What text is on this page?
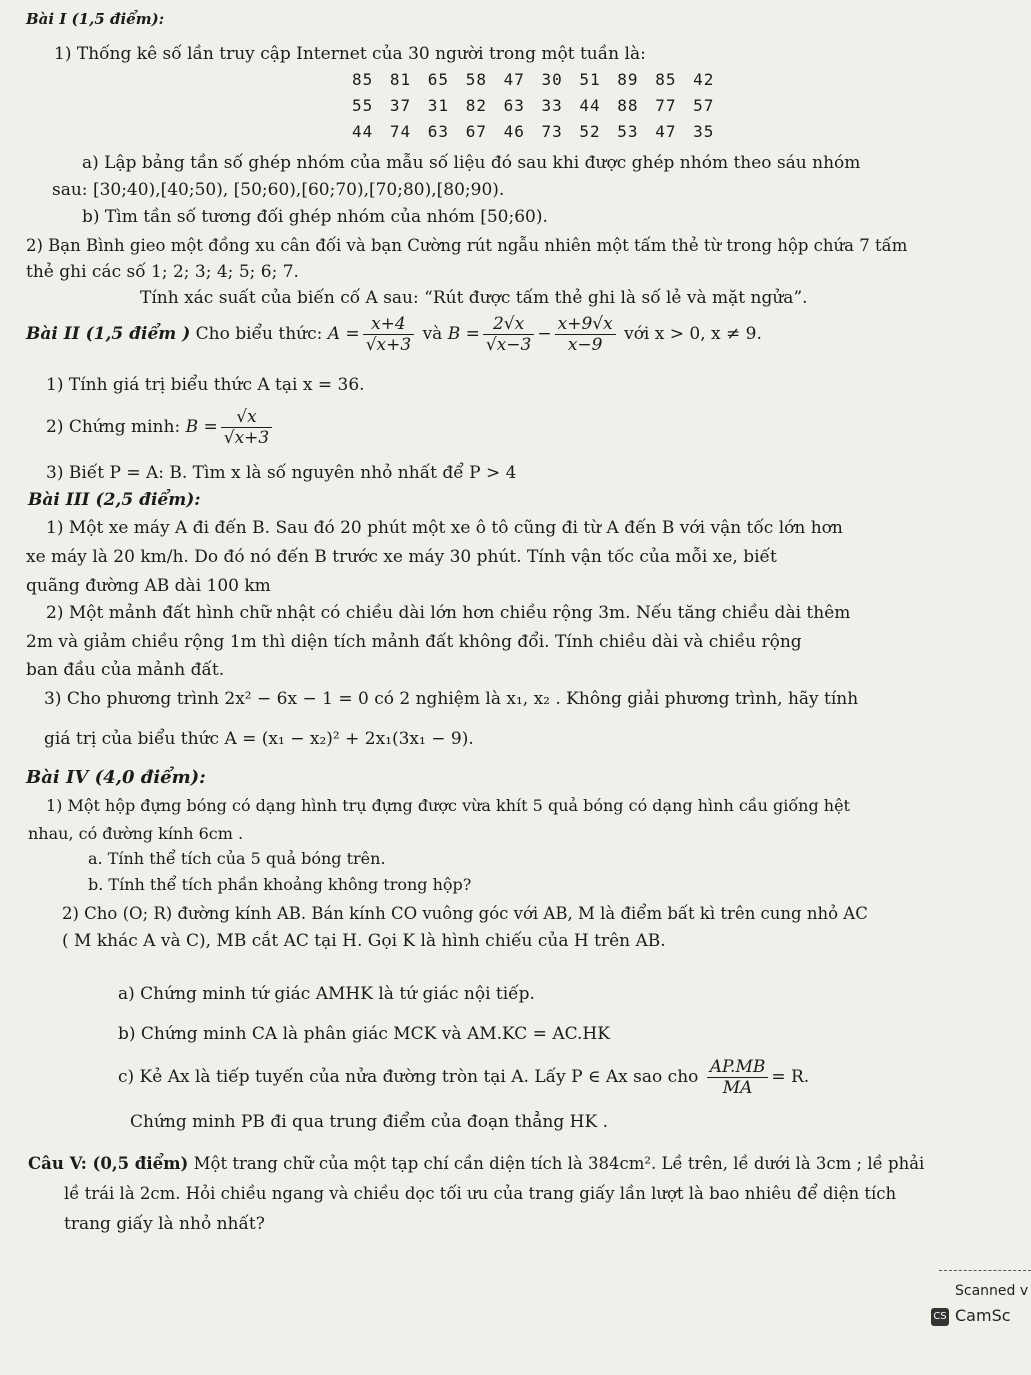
Bài I (1,5 điểm):
1) Thống kê số lần truy cập Internet của 30 người trong một tuần là:
85 81 65 58 47 30 51 89 85 42
55 37 31 82 63 33 44 88 77 57
44 74 63 67 46 73 52 53 47 35
a) Lập bảng tần số ghép nhóm của mẫu số liệu đó sau khi được ghép nhóm theo sáu nhóm
sau: [30;40),[40;50), [50;60),[60;70),[70;80),[80;90).
b) Tìm tần số tương đối ghép nhóm của nhóm [50;60).
2) Bạn Bình gieo một đồng xu cân đối và bạn Cường rút ngẫu nhiên một tấm thẻ từ trong hộp chứa 7 tấm
thẻ ghi các số 1; 2; 3; 4; 5; 6; 7.
Tính xác suất của biến cố A sau: “Rút được tấm thẻ ghi là số lẻ và mặt ngửa”.
Bài II (1,5 điểm )
Cho biểu thức:
$A = \frac{x+4}{√x+3}$
và
$B = \frac{2√x}{√x-3} - \frac{x+9√x}{x-9}$
với x > 0, x ≠ 9.
1) Tính giá trị biểu thức A tại x = 36.
2) Chứng minh:
$B = \frac{√x}{√x+3}$
3) Biết P = A: B. Tìm x là số nguyên nhỏ nhất để P > 4
Bài III (2,5 điểm):
1) Một xe máy A đi đến B. Sau đó 20 phút một xe ô tô cũng đi từ A đến B với vận tốc lớn hơn
xe máy là 20 km/h. Do đó nó đến B trước xe máy 30 phút. Tính vận tốc của mỗi xe, biết
quãng đường AB dài 100 km
2) Một mảnh đất hình chữ nhật có chiều dài lớn hơn chiều rộng 3m. Nếu tăng chiều dài thêm
2m và giảm chiều rộng 1m thì diện tích mảnh đất không đổi. Tính chiều dài và chiều rộng
ban đầu của mảnh đất.
3) Cho phương trình 2x² − 6x − 1 = 0 có 2 nghiệm là x₁, x₂ . Không giải phương trình, hãy tính
giá trị của biểu thức A = (x₁ − x₂)² + 2x₁(3x₁ − 9).
Bài IV (4,0 điểm):
1) Một hộp đựng bóng có dạng hình trụ đựng được vừa khít 5 quả bóng có dạng hình cầu giống hệt
nhau, có đường kính 6cm .
a. Tính thể tích của 5 quả bóng trên.
b. Tính thể tích phần khoảng không trong hộp?
2) Cho (O; R) đường kính AB. Bán kính CO vuông góc với AB, M là điểm bất kì trên cung nhỏ AC
( M khác A và C), MB cắt AC tại H. Gọi K là hình chiếu của H trên AB.
a) Chứng minh tứ giác AMHK là tứ giác nội tiếp.
b) Chứng minh CA là phân giác MCK và AM.KC = AC.HK
c) Kẻ Ax là tiếp tuyến của nửa đường tròn tại A. Lấy P ∈ Ax sao cho
$\frac{AP.MB}{MA} = R$.
Chứng minh PB đi qua trung điểm của đoạn thẳng HK .
Câu V: (0,5 điểm) Một trang chữ của một tạp chí cần diện tích là 384cm². Lề trên, lề dưới là 3cm ; lề phải
lề trái là 2cm. Hỏi chiều ngang và chiều dọc tối ưu của trang giấy lần lượt là bao nhiêu để diện tích
trang giấy là nhỏ nhất?
Scanned v
CS CamSc
